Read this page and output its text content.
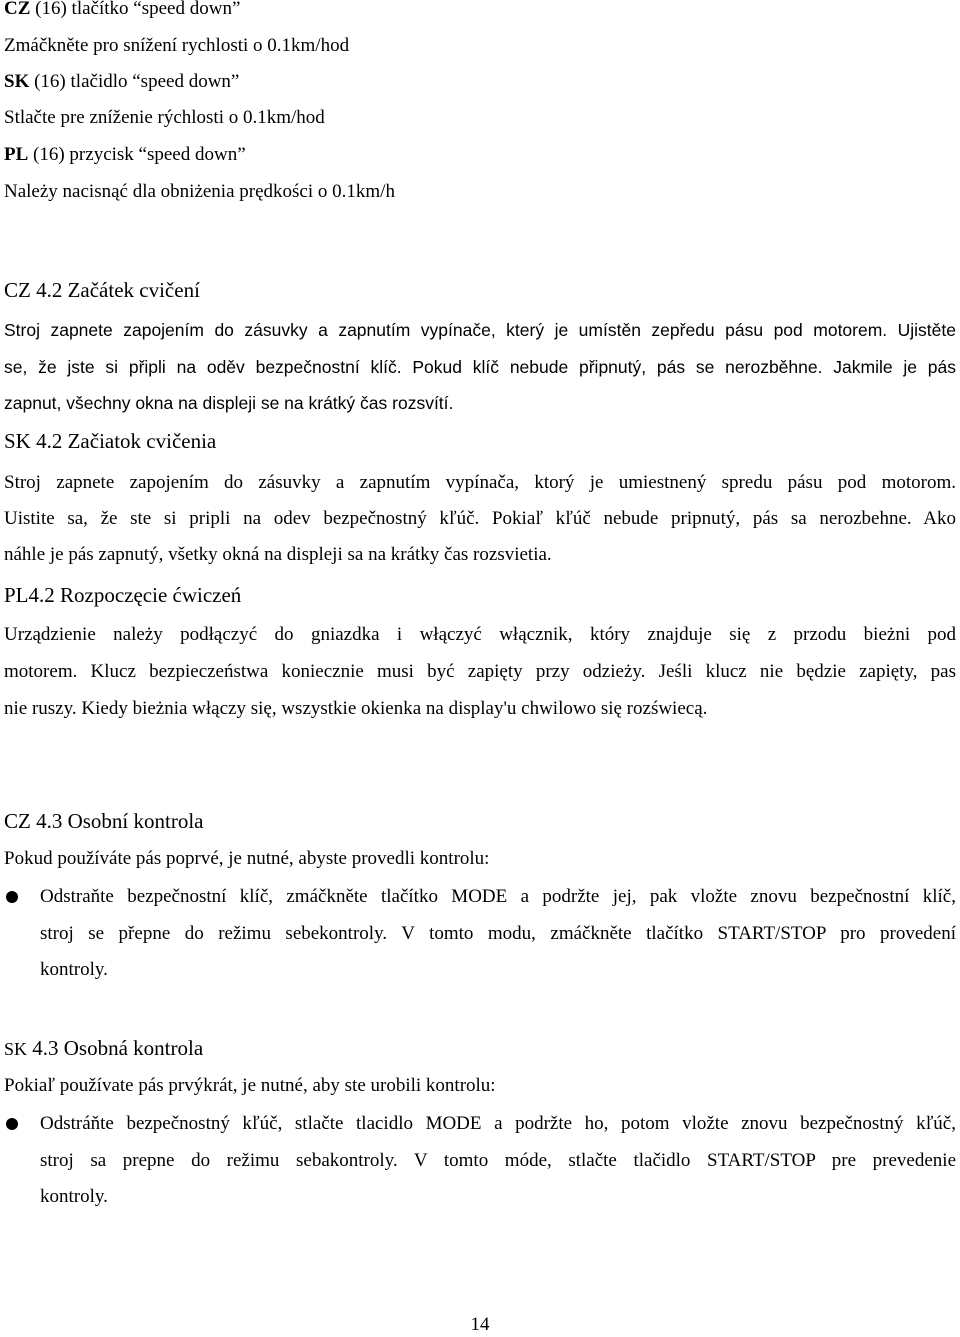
CZ (16) tlačítko “speed down”
Zmáčkněte pro snížení rychlosti o 0.1km/hod
SK (16) tlačidlo “speed down”
Stlačte pre zníženie rýchlosti o 0.1km/hod
PL (16) przycisk “speed down”
Należy nacisnąć dla obniżenia prędkości o 0.1km/h
CZ 4.2 Začátek cvičení
Stroj zapnete zapojením do zásuvky a zapnutím vypínače, který je umístěn zepředu pásu pod motorem. Ujistěte
se, že jste si připli na oděv bezpečnostní klíč. Pokud klíč nebude připnutý, pás se nerozběhne. Jakmile je pás
zapnut, všechny okna na displeji se na krátký čas rozsvítí.
SK 4.2 Začiatok cvičenia
Stroj zapnete zapojením do zásuvky a zapnutím vypínača, ktorý je umiestnený spredu pásu pod motorom.
Uistite sa, že ste si pripli na odev bezpečnostný kľúč. Pokiaľ kľúč nebude pripnutý, pás sa nerozbehne. Ako
náhle je pás zapnutý, všetky okná na displeji sa na krátky čas rozsvietia.
PL4.2 Rozpoczęcie ćwiczeń
Urządzienie należy podłączyć do gniazdka i włączyć włącznik, który znajduje się z przodu bieżni pod
motorem. Klucz bezpieczeństwa koniecznie musi być zapięty przy odzieży. Jeśli klucz nie będzie zapięty, pas
nie ruszy. Kiedy bieżnia włączy się, wszystkie okienka na display'u chwilowo się rozświecą.
CZ 4.3 Osobní kontrola
Pokud používáte pás poprvé, je nutné, abyste provedli kontrolu:
Odstraňte bezpečnostní klíč, zmáčkněte tlačítko MODE a podržte jej, pak vložte znovu bezpečnostní klíč,
stroj se přepne do režimu sebekontroly. V tomto modu, zmáčkněte tlačítko START/STOP pro provedení
kontroly.
SK 4.3 Osobná kontrola
Pokiaľ používate pás prvýkrát, je nutné, aby ste urobili kontrolu:
Odstráňte bezpečnostný kľúč, stlačte tlacidlo MODE a podržte ho, potom vložte znovu bezpečnostný kľúč,
stroj sa prepne do režimu sebakontroly. V tomto móde, stlačte tlačidlo START/STOP pre prevedenie
kontroly.
14
